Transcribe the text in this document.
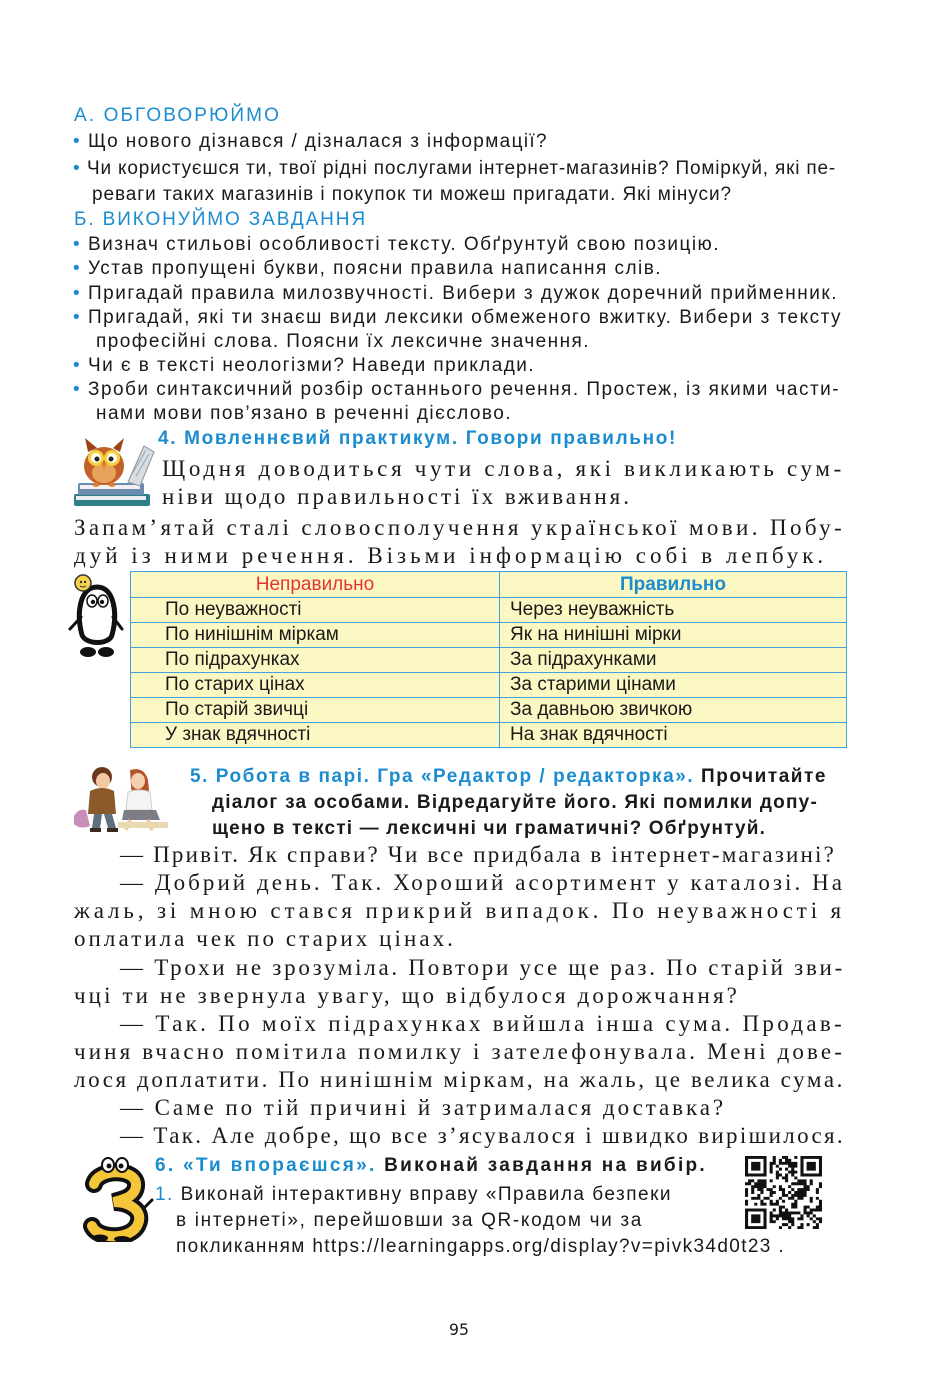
А. ОБГОВОРЮЙМО
• Що нового дізнався / дізналася з інформації?
• Чи користуєшся ти, твої рідні послугами інтернет-магазинів? Поміркуй, які пе-
реваги таких магазинів і покупок ти можеш пригадати. Які мінуси?
Б. ВИКОНУЙМО ЗАВДАННЯ
• Визнач стильові особливості тексту. Обґрунтуй свою позицію.
• Устав пропущені букви, поясни правила написання слів.
• Пригадай правила милозвучності. Вибери з дужок доречний прийменник.
• Пригадай, які ти знаєш види лексики обмеженого вжитку. Вибери з тексту
професійні слова. Поясни їх лексичне значення.
• Чи є в тексті неологізми? Наведи приклади.
• Зроби синтаксичний розбір останнього речення. Простеж, із якими части-
нами мови пов’язано в реченні дієслово.
4. Мовленнєвий практикум. Говори правильно!
Щодня доводиться чути слова, які викликають сум-
ніви щодо правильності їх вживання.
Запам’ятай сталі словосполучення української мови. Побу-
дуй із ними речення. Візьми інформацію собі в лепбук.
Неправильно	Правильно
По неуважності	Через неуважність
По нинішнім міркам	Як на нинішні мірки
По підрахунках	За підрахунками
По старих цінах	За старими цінами
По старій звичці	За давньою звичкою
У знак вдячності	На знак вдячності
5. Робота в парі. Гра «Редактор / редакторка». Прочитайте
діалог за особами. Відредагуйте його. Які помилки допу-
щено в тексті — лексичні чи граматичні? Обґрунтуй.
— Привіт. Як справи? Чи все придбала в інтернет-магазині?
— Добрий день. Так. Хороший асортимент у каталозі. На
жаль, зі мною стався прикрий випадок. По неуважності я
оплатила чек по старих цінах.
— Трохи не зрозуміла. Повтори усе ще раз. По старій зви-
чці ти не звернула увагу, що відбулося дорожчання?
— Так. По моїх підрахунках вийшла інша сума. Продав-
чиня вчасно помітила помилку і зателефонувала. Мені дове-
лося доплатити. По нинішнім міркам, на жаль, це велика сума.
— Саме по тій причині й затрималася доставка?
— Так. Але добре, що все з’ясувалося і швидко вирішилося.
6. «Ти впораєшся». Виконай завдання на вибір.
1. Виконай інтерактивну вправу «Правила безпеки
в інтернеті», перейшовши за QR-кодом чи за
покликанням https://learningapps.org/display?v=pivk34d0t23 .
95
